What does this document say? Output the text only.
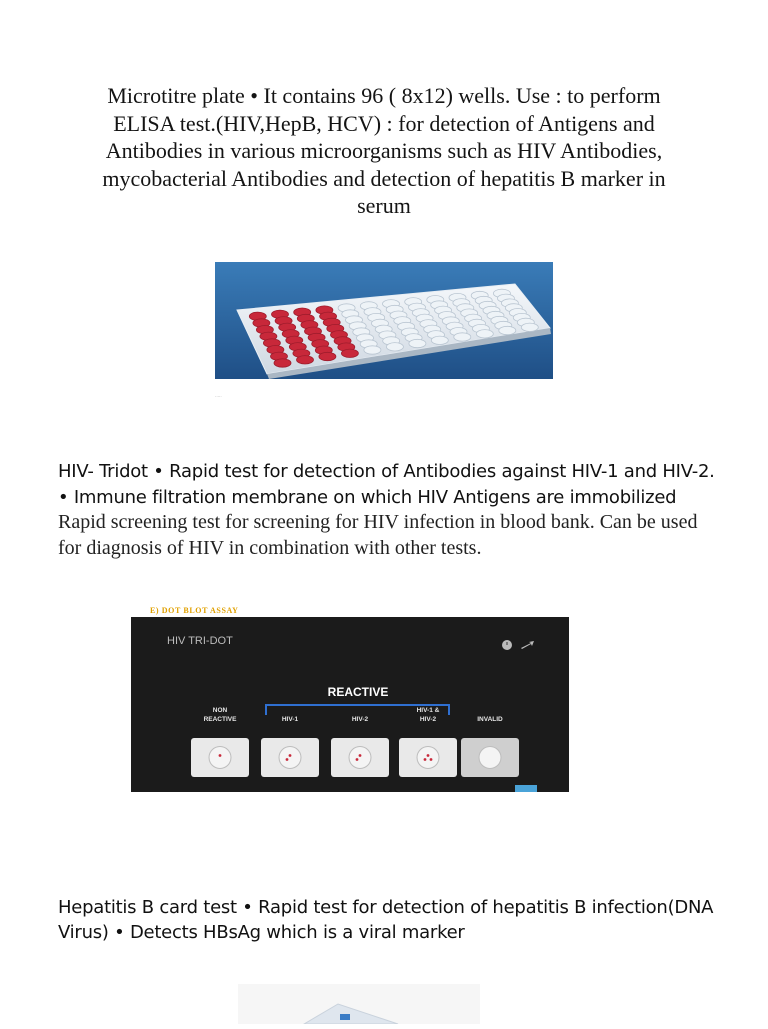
Microtitre plate • It contains 96 ( 8x12) wells. Use : to perform ELISA test.(HIV,HepB, HCV) : for detection of Antigens and Antibodies in various microorganisms such as HIV Antibodies, mycobacterial Antibodies and detection of hepatitis B marker in serum
·····
HIV- Tridot • Rapid test for detection of Antibodies against HIV-1 and HIV-2. • Immune filtration membrane on which HIV Antigens are immobilized Rapid screening test for screening for HIV infection in blood bank. Can be used for diagnosis of HIV in combination with other tests.
E) DOT BLOT ASSAY
HIV TRI-DOT
REACTIVE
NON
REACTIVE	HIV-1	HIV-2
HIV-1 &
HIV-2	INVALID
Hepatitis B card test • Rapid test for detection of hepatitis B infection(DNA Virus) • Detects HBsAg which is a viral marker
